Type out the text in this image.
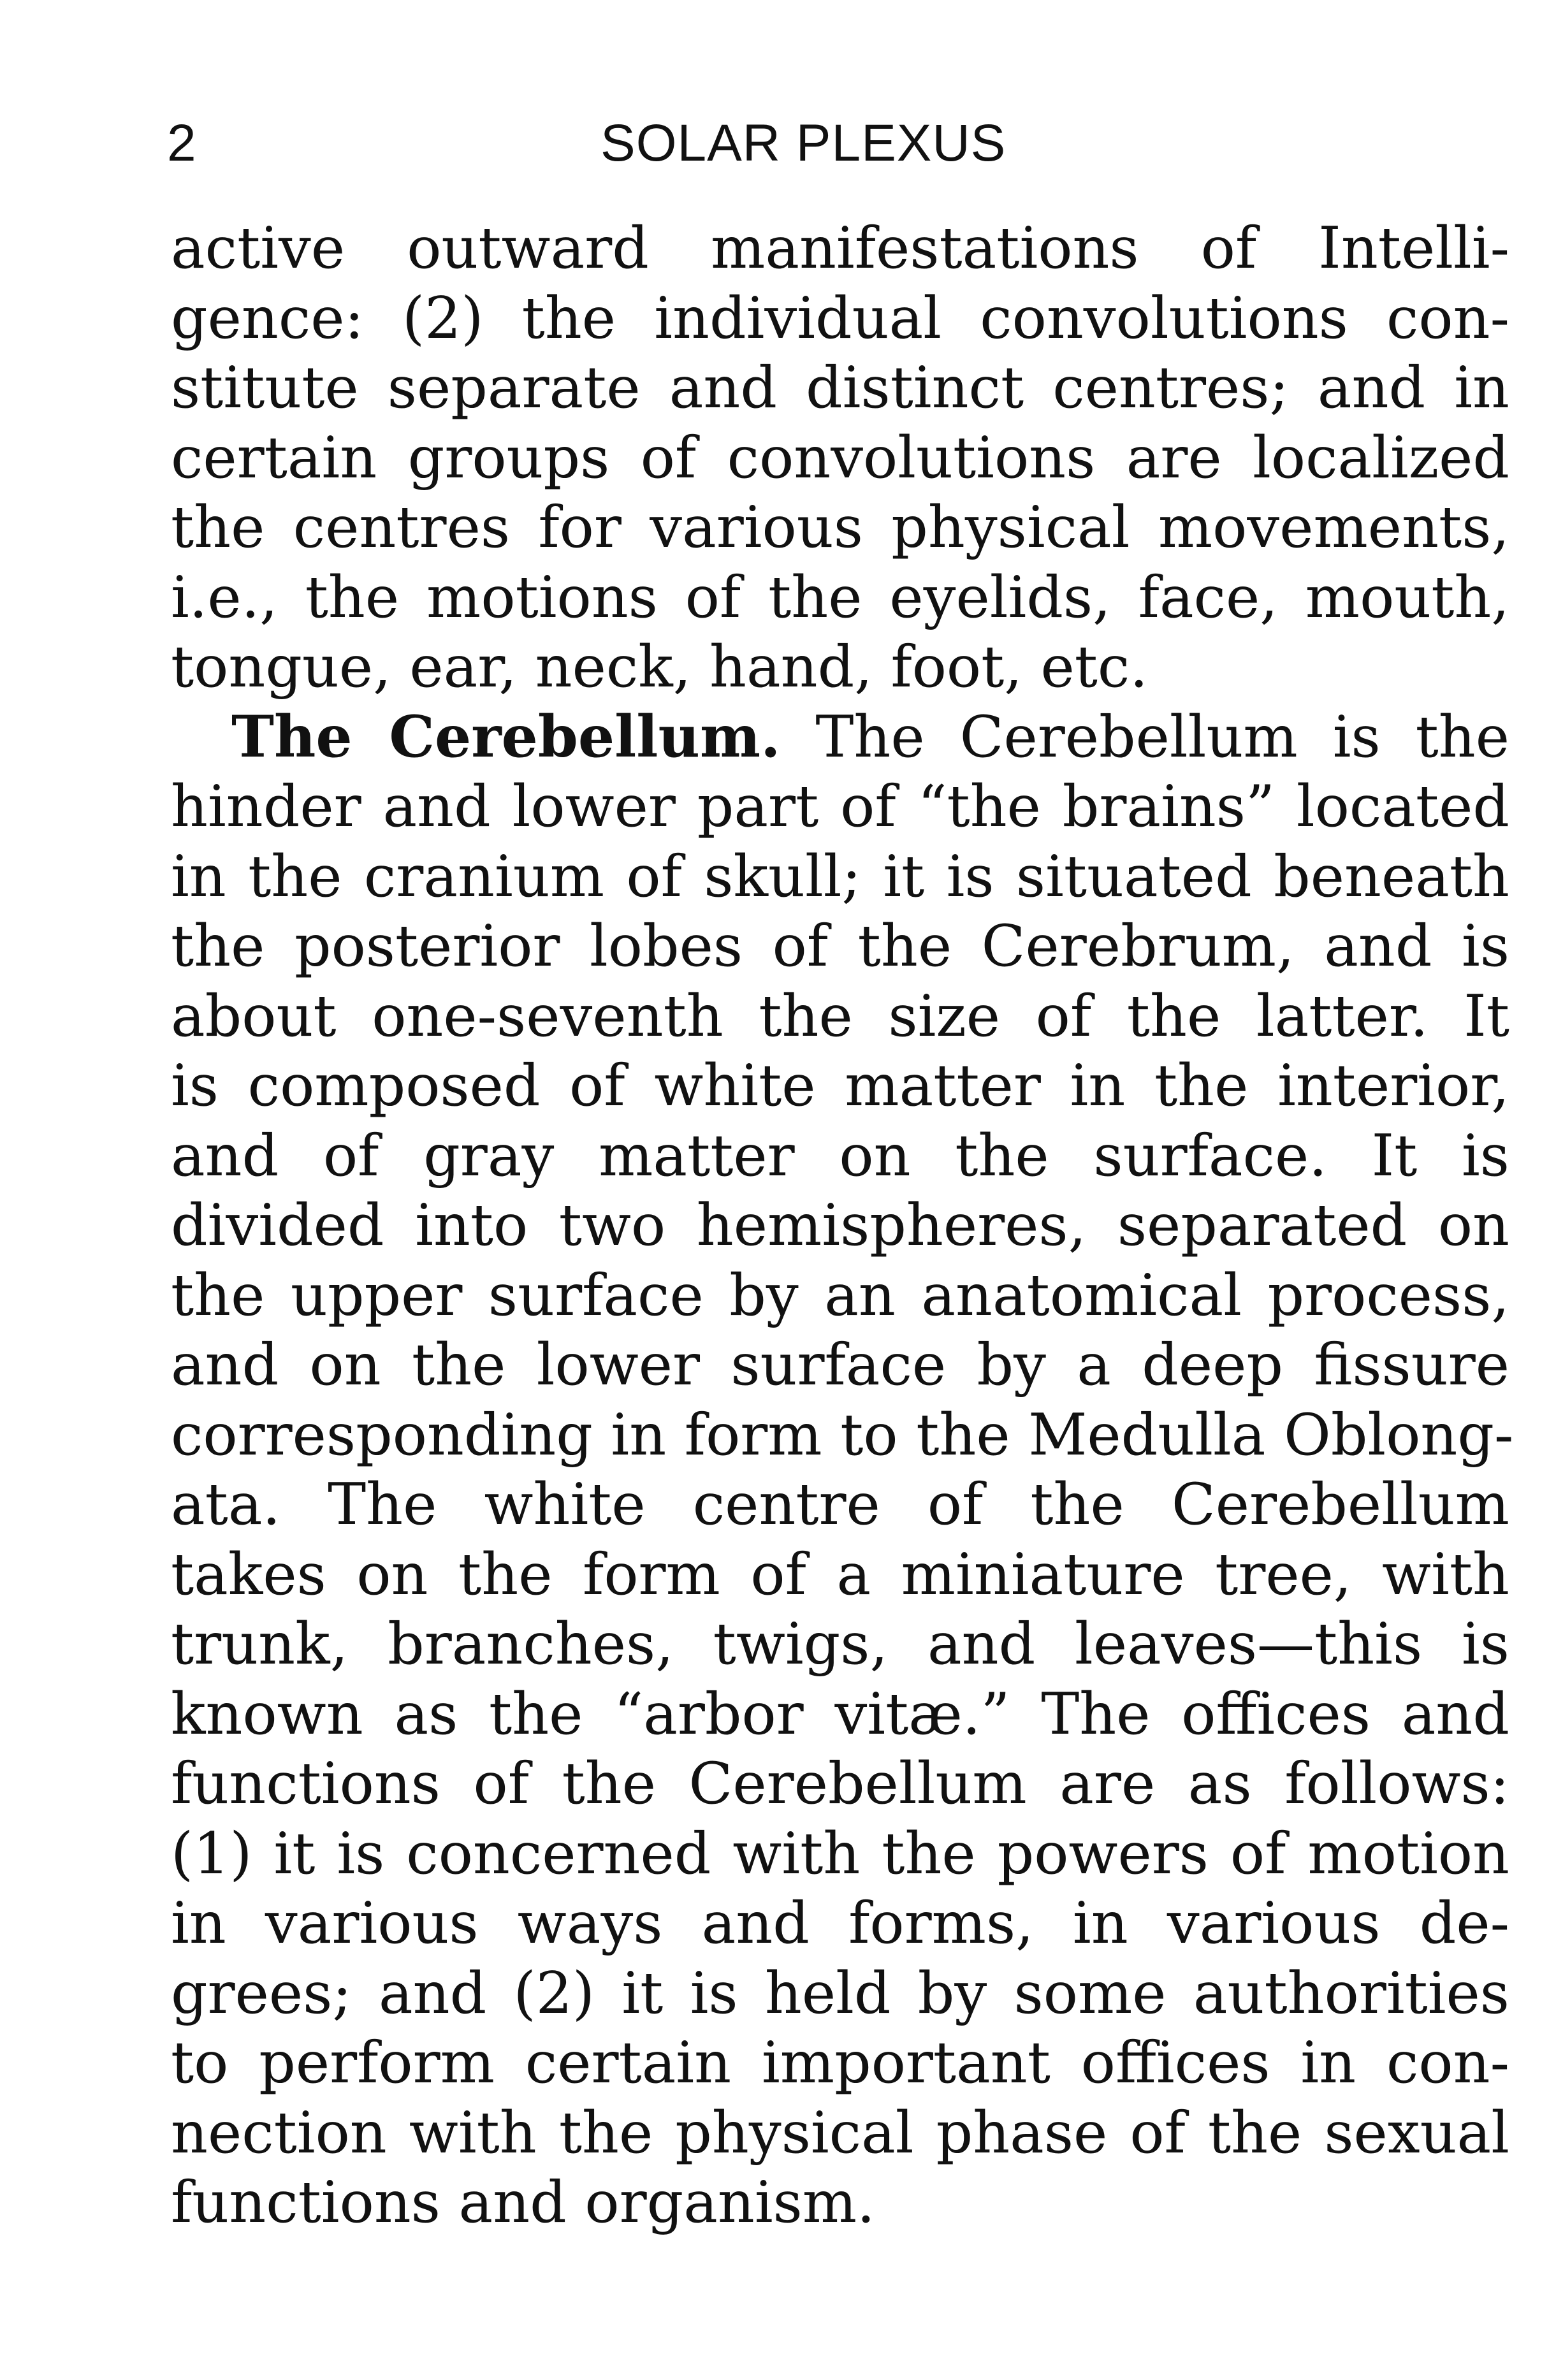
2	SOLAR PLEXUS
active outward manifestations of Intelli-
gence: (2) the individual convolutions con-
stitute separate and distinct centres; and in
certain groups of convolutions are localized
the centres for various physical movements,
i.e., the motions of the eyelids, face, mouth,
tongue, ear, neck, hand, foot, etc.
The Cerebellum. The Cerebellum is the
hinder and lower part of “the brains” located
in the cranium of skull; it is situated beneath
the posterior lobes of the Cerebrum, and is
about one-seventh the size of the latter. It
is composed of white matter in the interior,
and of gray matter on the surface. It is
divided into two hemispheres, separated on
the upper surface by an anatomical process,
and on the lower surface by a deep fissure
corresponding in form to the Medulla Oblong-
ata. The white centre of the Cerebellum
takes on the form of a miniature tree, with
trunk, branches, twigs, and leaves—this is
known as the “arbor vitæ.” The offices and
functions of the Cerebellum are as follows:
(1) it is concerned with the powers of motion
in various ways and forms, in various de-
grees; and (2) it is held by some authorities
to perform certain important offices in con-
nection with the physical phase of the sexual
functions and organism.
